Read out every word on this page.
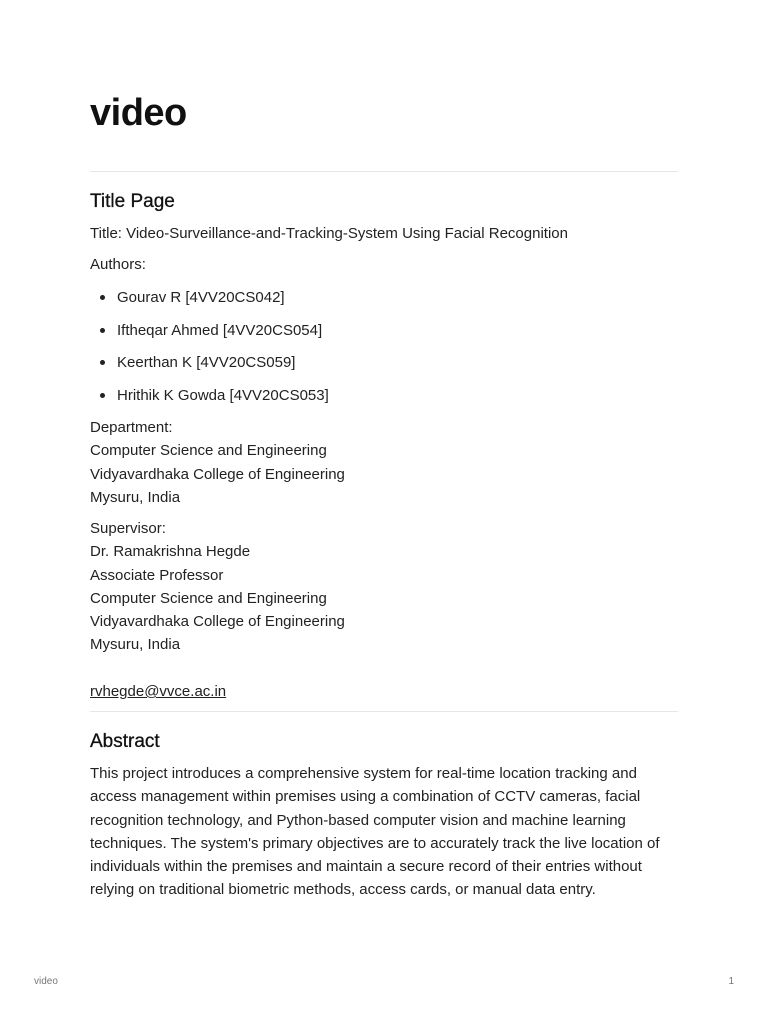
video
Title Page

Title: Video-Surveillance-and-Tracking-System Using Facial Recognition

Authors:

Gourav R [4VV20CS042]
Iftheqar Ahmed [4VV20CS054]
Keerthan K [4VV20CS059]
Hrithik K Gowda [4VV20CS053]

Department:
Computer Science and Engineering
Vidyavardhaka College of Engineering
Mysuru, India

Supervisor:
Dr. Ramakrishna Hegde
Associate Professor
Computer Science and Engineering
Vidyavardhaka College of Engineering
Mysuru, India

rvhegde@vvce.ac.in
Abstract

This project introduces a comprehensive system for real-time location tracking and access management within premises using a combination of CCTV cameras, facial recognition technology, and Python-based computer vision and machine learning techniques. The system's primary objectives are to accurately track the live location of individuals within the premises and maintain a secure record of their entries without relying on traditional biometric methods, access cards, or manual data entry.

video	1
